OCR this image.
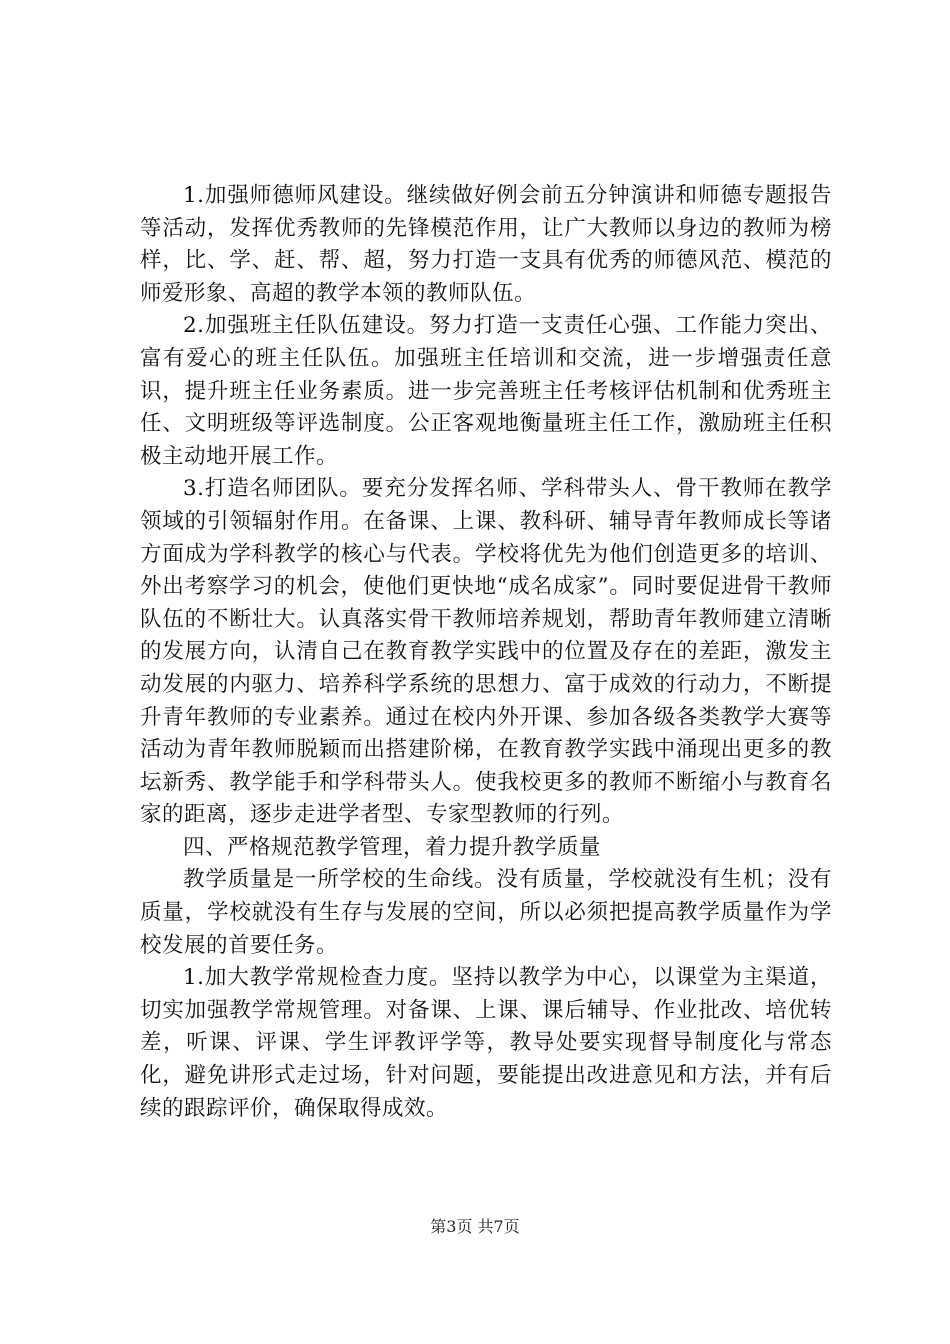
1.加强师德师风建设。继续做好例会前五分钟演讲和师德专题报告等活动，发挥优秀教师的先锋模范作用，让广大教师以身边的教师为榜样，比、学、赶、帮、超，努力打造一支具有优秀的师德风范、模范的师爱形象、高超的教学本领的教师队伍。

2.加强班主任队伍建设。努力打造一支责任心强、工作能力突出、富有爱心的班主任队伍。加强班主任培训和交流，进一步增强责任意识，提升班主任业务素质。进一步完善班主任考核评估机制和优秀班主任、文明班级等评选制度。公正客观地衡量班主任工作，激励班主任积极主动地开展工作。

3.打造名师团队。要充分发挥名师、学科带头人、骨干教师在教学领域的引领辐射作用。在备课、上课、教科研、辅导青年教师成长等诸方面成为学科教学的核心与代表。学校将优先为他们创造更多的培训、外出考察学习的机会，使他们更快地“成名成家”。同时要促进骨干教师队伍的不断壮大。认真落实骨干教师培养规划，帮助青年教师建立清晰的发展方向，认清自己在教育教学实践中的位置及存在的差距，激发主动发展的内驱力、培养科学系统的思想力、富于成效的行动力，不断提升青年教师的专业素养。通过在校内外开课、参加各级各类教学大赛等活动为青年教师脱颖而出搭建阶梯，在教育教学实践中涌现出更多的教坛新秀、教学能手和学科带头人。使我校更多的教师不断缩小与教育名家的距离，逐步走进学者型、专家型教师的行列。

四、严格规范教学管理，着力提升教学质量

教学质量是一所学校的生命线。没有质量，学校就没有生机；没有质量，学校就没有生存与发展的空间，所以必须把提高教学质量作为学校发展的首要任务。

1.加大教学常规检查力度。坚持以教学为中心，以课堂为主渠道，切实加强教学常规管理。对备课、上课、课后辅导、作业批改、培优转差，听课、评课、学生评教评学等，教导处要实现督导制度化与常态化，避免讲形式走过场，针对问题，要能提出改进意见和方法，并有后续的跟踪评价，确保取得成效。

第3页 共7页
